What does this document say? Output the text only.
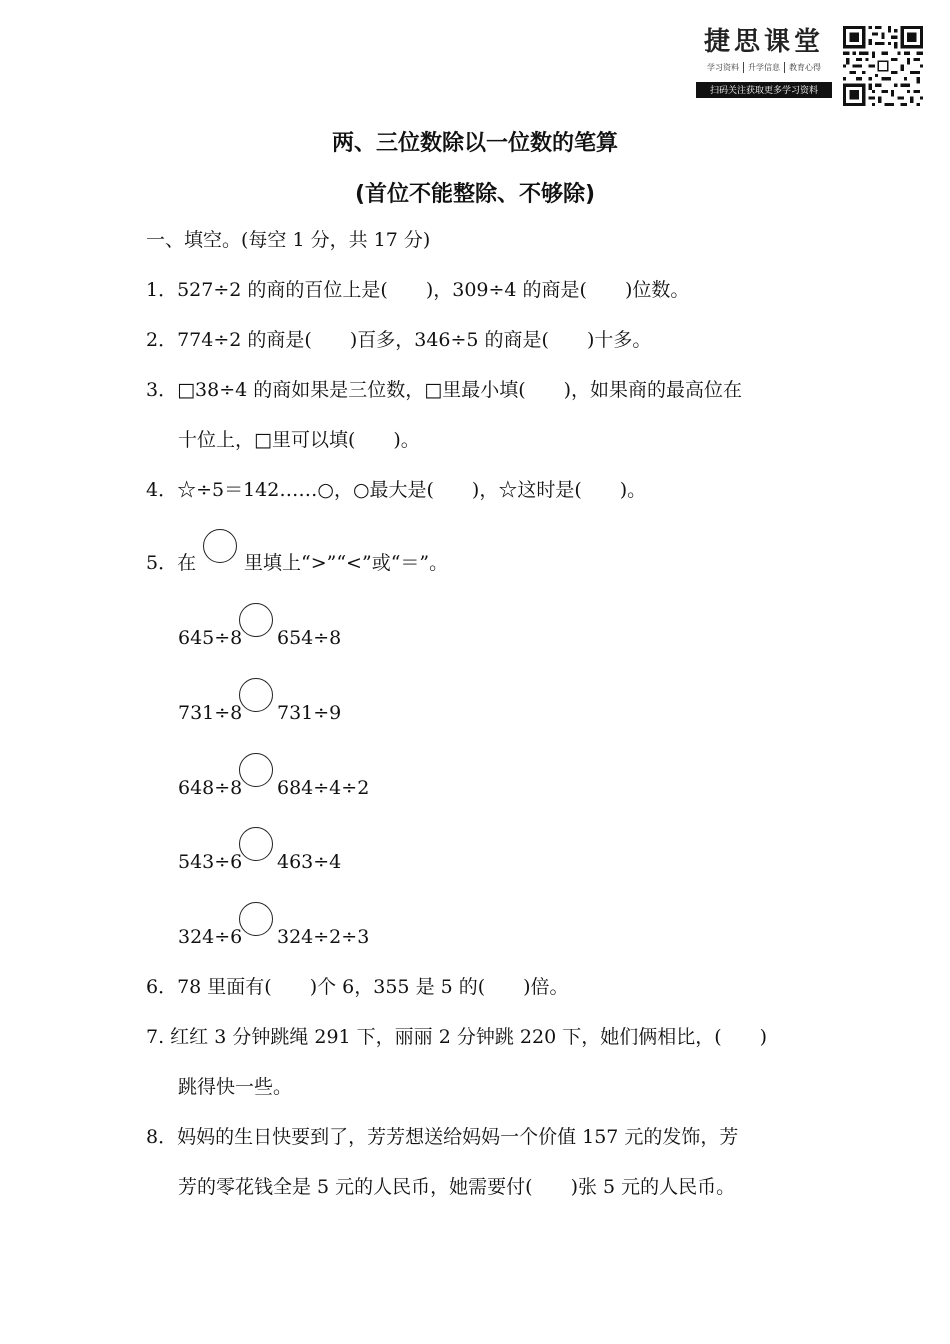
捷思课堂
学习资料	升学信息	教育心得
扫码关注获取更多学习资料
两、三位数除以一位数的笔算
(首位不能整除、不够除)
一、填空。(每空 1 分，共 17 分)
1．527÷2 的商的百位上是(　　)，309÷4 的商是(　　)位数。
2．774÷2 的商是(　　)百多，346÷5 的商是(　　)十多。
3．□38÷4 的商如果是三位数，□里最小填(　　)，如果商的最高位在
十位上，□里可以填(　　)。
4．☆÷5＝142……○，○最大是(　　)，☆这时是(　　)。
5．在	里填上“>”“<”或“＝”。
645÷8 654÷8
731÷8 731÷9
648÷8 684÷4÷2
543÷6 463÷4
324÷6 324÷2÷3
6．78 里面有(　　)个 6，355 是 5 的(　　)倍。
7. 红红 3 分钟跳绳 291 下，丽丽 2 分钟跳 220 下，她们俩相比，(　　)
跳得快一些。
8．妈妈的生日快要到了，芳芳想送给妈妈一个价值 157 元的发饰，芳
芳的零花钱全是 5 元的人民币，她需要付(　　)张 5 元的人民币。
